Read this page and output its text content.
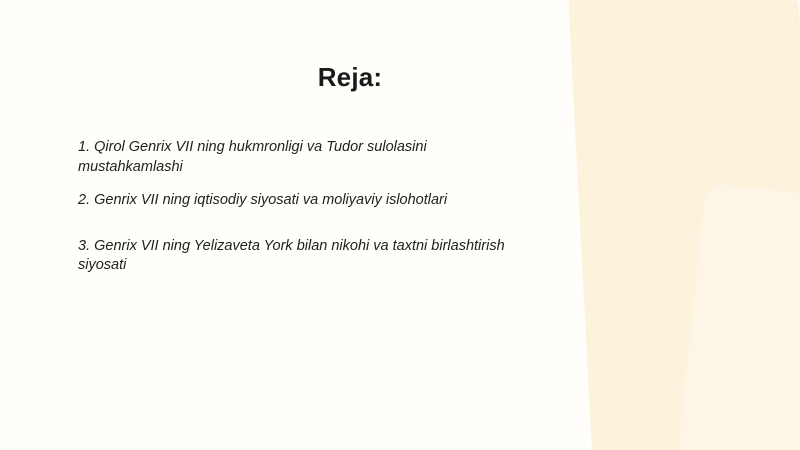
Reja:
1. Qirol Genrix VII ning hukmronligi va Tudor sulolasini mustahkamlashi
2. Genrix VII ning iqtisodiy siyosati va moliyaviy islohotlari
3. Genrix VII ning Yelizaveta York bilan nikohi va taxtni birlashtirish siyosati
